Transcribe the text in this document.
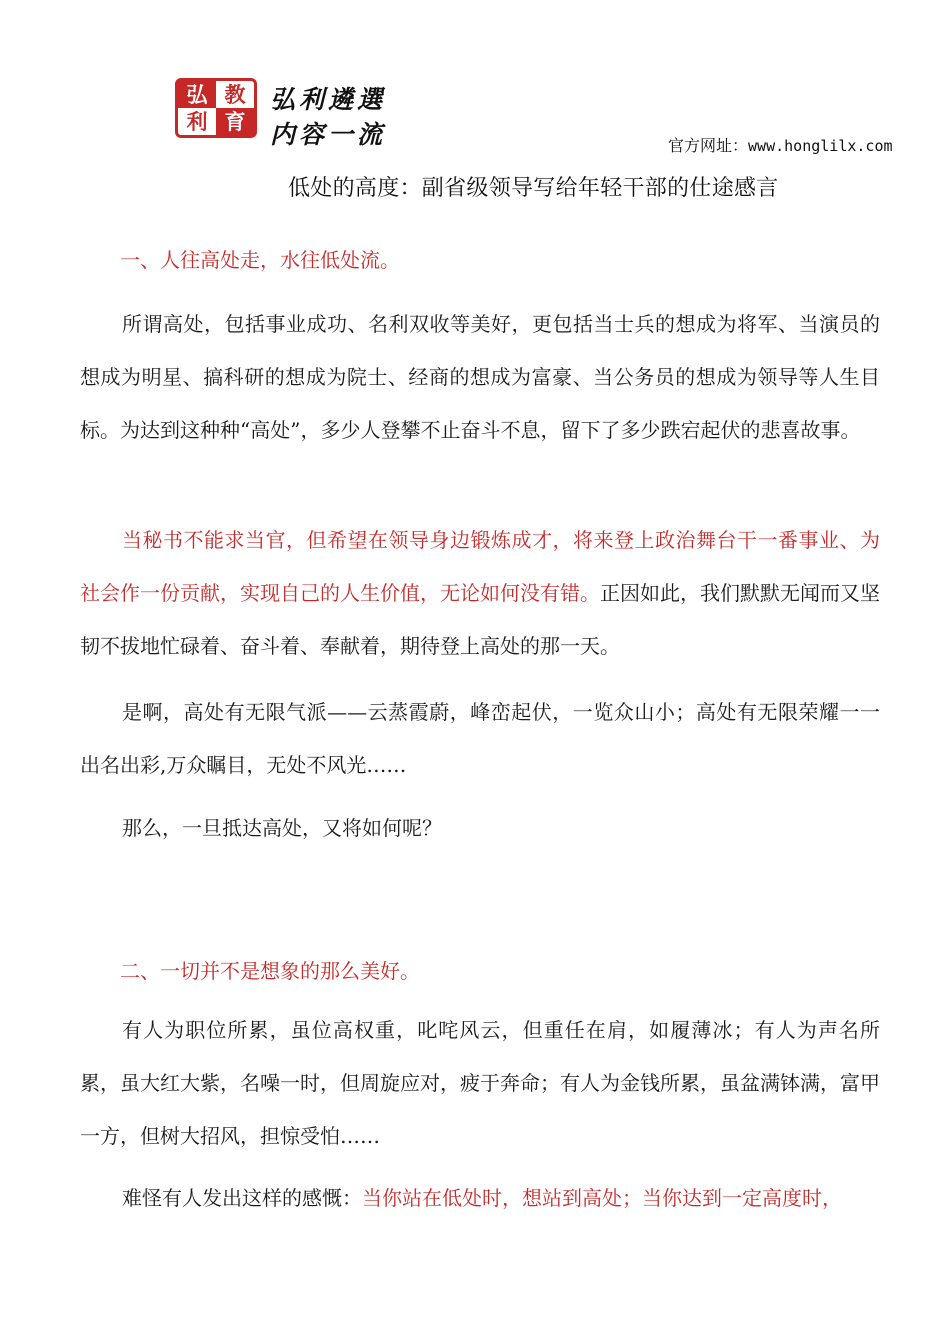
弘 教
利 育
弘利遴選
内容一流	官方网址：www.honglilx.com
低处的高度：副省级领导写给年轻干部的仕途感言
一、人往高处走，水往低处流。
所谓高处，包括事业成功、名利双收等美好，更包括当士兵的想成为将军、当演员的想成为明星、搞科研的想成为院士、经商的想成为富豪、当公务员的想成为领导等人生目标。为达到这种种“高处”，多少人登攀不止奋斗不息，留下了多少跌宕起伏的悲喜故事。
当秘书不能求当官，但希望在领导身边锻炼成才，将来登上政治舞台干一番事业、为社会作一份贡献，实现自己的人生价值，无论如何没有错。正因如此，我们默默无闻而又坚韧不拔地忙碌着、奋斗着、奉献着，期待登上高处的那一天。
是啊，高处有无限气派——云蒸霞蔚，峰峦起伏，一览众山小；高处有无限荣耀一一出名出彩,万众瞩目，无处不风光……
那么，一旦抵达高处，又将如何呢？
二、一切并不是想象的那么美好。
有人为职位所累，虽位高权重，叱咤风云，但重任在肩，如履薄冰；有人为声名所累，虽大红大紫，名噪一时，但周旋应对，疲于奔命；有人为金钱所累，虽盆满钵满，富甲一方，但树大招风，担惊受怕……
难怪有人发出这样的感慨：当你站在低处时，想站到高处；当你达到一定高度时，
